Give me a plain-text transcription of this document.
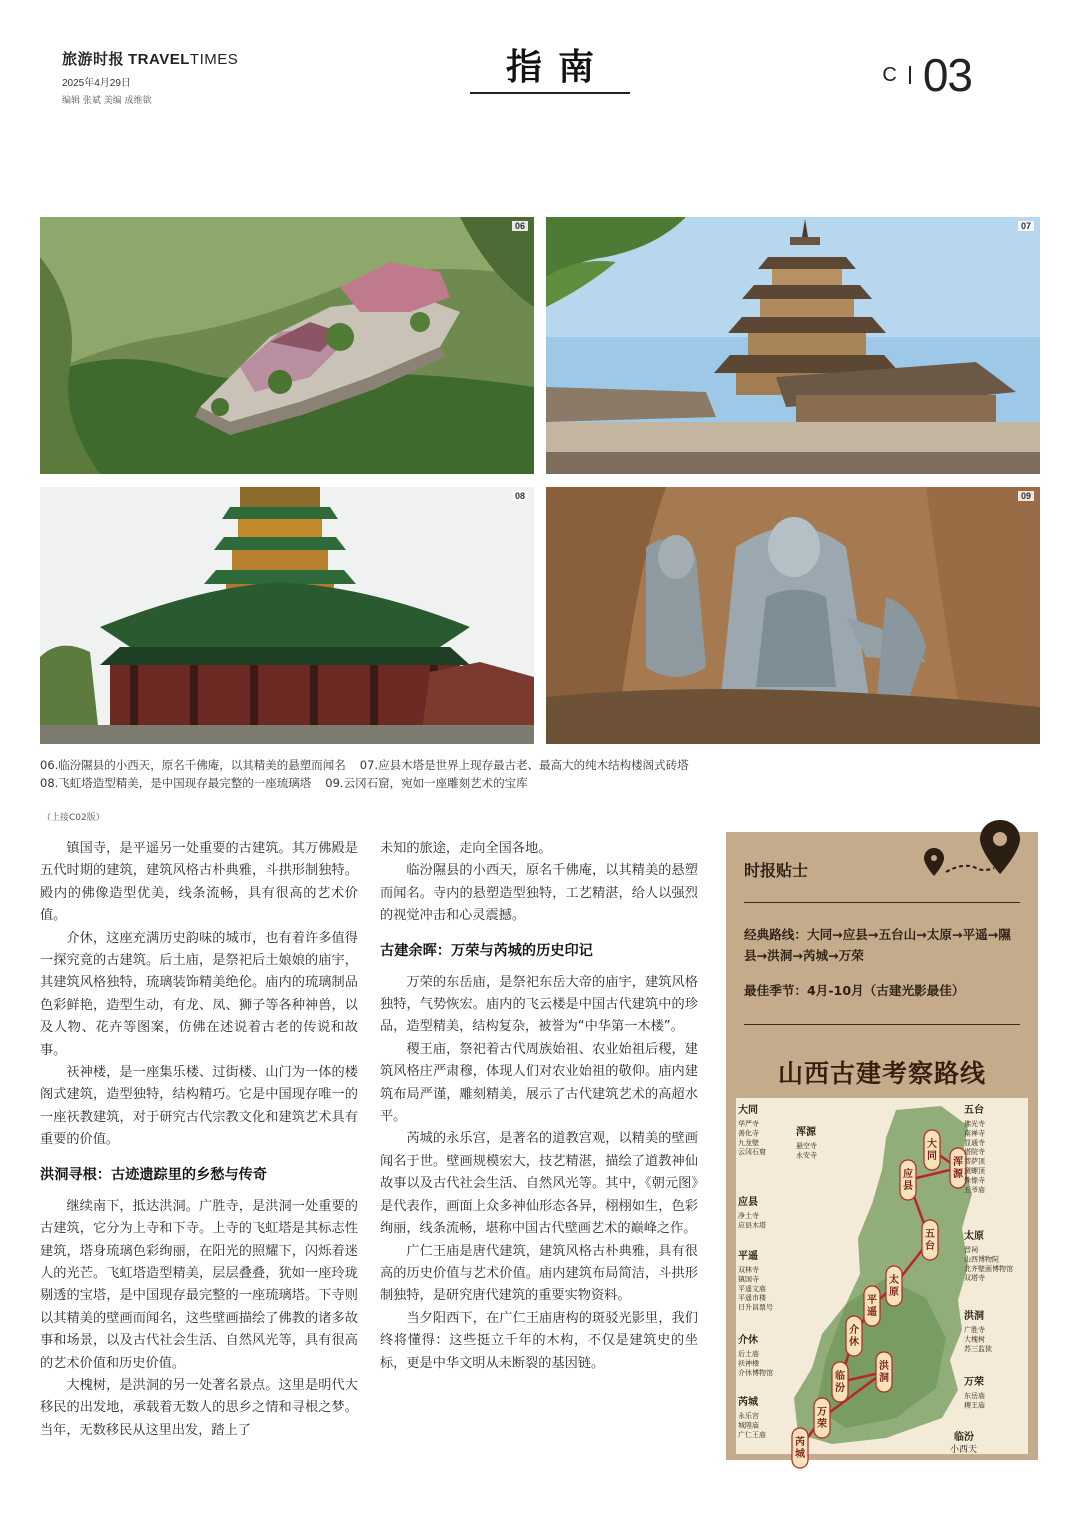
旅游时报 TRAVELTIMES
2025年4月29日
编辑 张斌 美编 成维欲
指南	C 03
06	07
08	09
06.临汾隰县的小西天，原名千佛庵，以其精美的悬塑而闻名 07.应县木塔是世界上现存最古老、最高大的纯木结构楼阁式砖塔
08.飞虹塔造型精美，是中国现存最完整的一座琉璃塔 09.云冈石窟，宛如一座雕刻艺术的宝库
（上接C02版）

镇国寺，是平遥另一处重要的古建筑。其万佛殿是五代时期的建筑，建筑风格古朴典雅，斗拱形制独特。殿内的佛像造型优美，线条流畅，具有很高的艺术价值。

介休，这座充满历史韵味的城市，也有着许多值得一探究竟的古建筑。后土庙，是祭祀后土娘娘的庙宇，其建筑风格独特，琉璃装饰精美绝伦。庙内的琉璃制品色彩鲜艳，造型生动，有龙、凤、狮子等各种神兽，以及人物、花卉等图案，仿佛在述说着古老的传说和故事。

祆神楼，是一座集乐楼、过街楼、山门为一体的楼阁式建筑，造型独特，结构精巧。它是中国现存唯一的一座祆教建筑，对于研究古代宗教文化和建筑艺术具有重要的价值。

洪洞寻根：古迹遗踪里的乡愁与传奇

继续南下，抵达洪洞。广胜寺，是洪洞一处重要的古建筑，它分为上寺和下寺。上寺的飞虹塔是其标志性建筑，塔身琉璃色彩绚丽，在阳光的照耀下，闪烁着迷人的光芒。飞虹塔造型精美，层层叠叠，犹如一座玲珑剔透的宝塔，是中国现存最完整的一座琉璃塔。下寺则以其精美的壁画而闻名，这些壁画描绘了佛教的诸多故事和场景，以及古代社会生活、自然风光等，具有很高的艺术价值和历史价值。

大槐树，是洪洞的另一处著名景点。这里是明代大移民的出发地，承载着无数人的思乡之情和寻根之梦。当年，无数移民从这里出发，踏上了

未知的旅途，走向全国各地。

临汾隰县的小西天，原名千佛庵，以其精美的悬塑而闻名。寺内的悬塑造型独特，工艺精湛，给人以强烈的视觉冲击和心灵震撼。

古建余晖：万荣与芮城的历史印记

万荣的东岳庙，是祭祀东岳大帝的庙宇，建筑风格独特，气势恢宏。庙内的飞云楼是中国古代建筑中的珍品，造型精美，结构复杂，被誉为“中华第一木楼”。

稷王庙，祭祀着古代周族始祖、农业始祖后稷，建筑风格庄严肃穆，体现人们对农业始祖的敬仰。庙内建筑布局严谨，雕刻精美，展示了古代建筑艺术的高超水平。

芮城的永乐宫，是著名的道教宫观，以精美的壁画闻名于世。壁画规模宏大，技艺精湛，描绘了道教神仙故事以及古代社会生活、自然风光等。其中，《朝元图》是代表作，画面上众多神仙形态各异，栩栩如生，色彩绚丽，线条流畅，堪称中国古代壁画艺术的巅峰之作。

广仁王庙是唐代建筑，建筑风格古朴典雅，具有很高的历史价值与艺术价值。庙内建筑布局简洁，斗拱形制独特，是研究唐代建筑的重要实物资料。

当夕阳西下，在广仁王庙唐构的斑驳光影里，我们终将懂得：这些挺立千年的木构，不仅是建筑史的坐标，更是中华文明从未断裂的基因链。

时报贴士

经典路线：大同→应县→五台山→太原→平遥→隰县→洪洞→芮城→万荣

最佳季节：4月-10月（古建光影最佳）

山西古建考察路线
大同
应县
浑源
五台
太原
平遥
介休
临汾
洪洞
万荣
芮城
大同
华严寺
善化寺
九龙壁
云冈石窟
浑源
悬空寺
永安寺
应县
净土寺
应县木塔
平遥
双林寺
镇国寺
平遥文庙
平遥市楼
日升昌票号
介休
后土庙
祆神楼
介休博物馆
芮城
永乐宫
城隍庙
广仁王庙
五台
佛光寺
南禅寺
显通寺
塔院寺
菩萨顶
黛螺顶
殊像寺
五爷庙
太原
晋祠
山西博物院
北齐壁画博物馆
双塔寺
洪洞
广胜寺
大槐树
苏三监狱
万荣
东岳庙
稷王庙
临汾
小西天
